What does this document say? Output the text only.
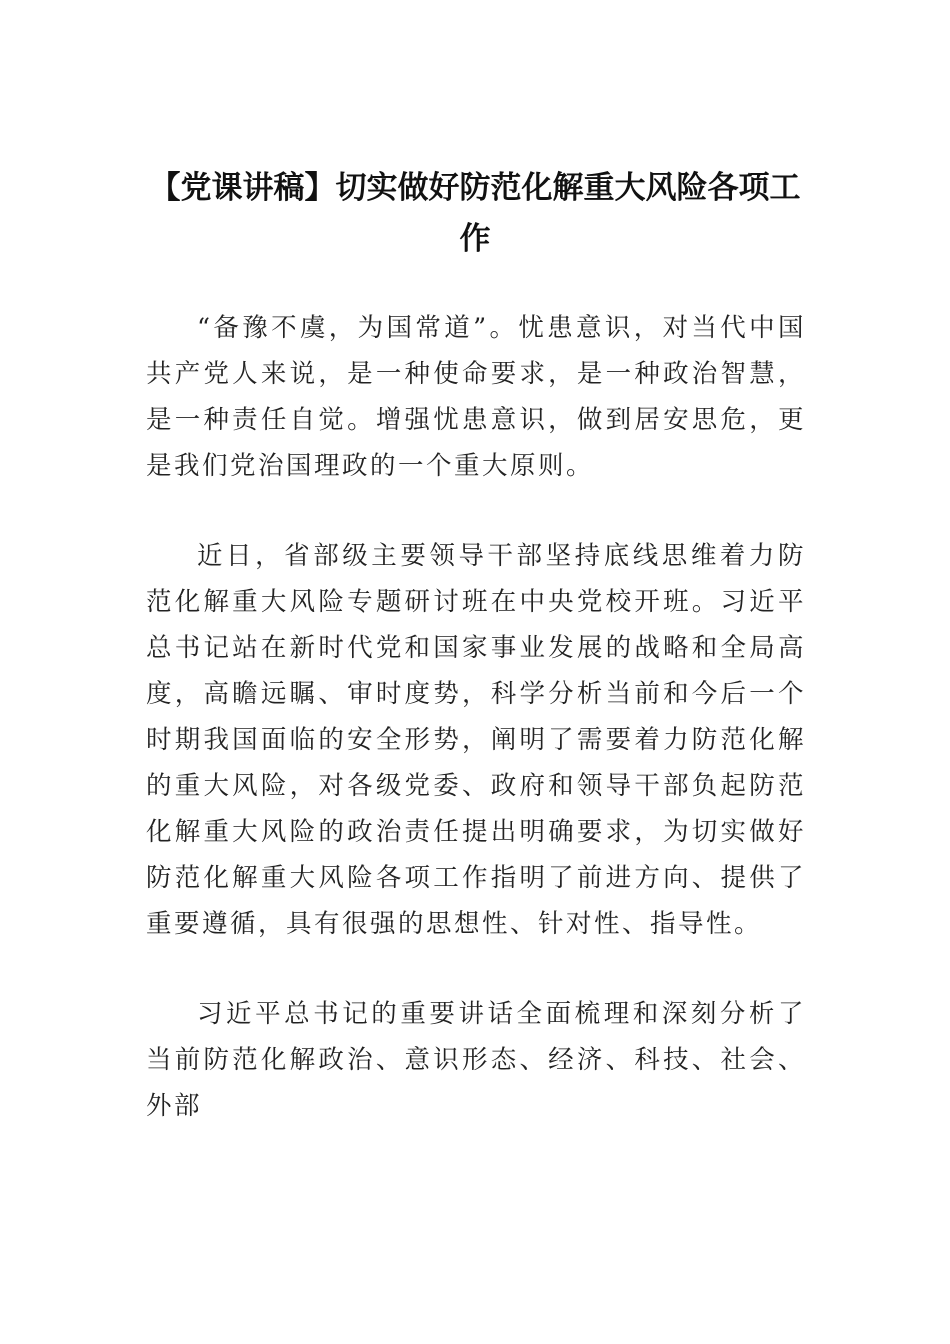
【党课讲稿】切实做好防范化解重大风险各项工作

“备豫不虞，为国常道”。忧患意识，对当代中国共产党人来说，是一种使命要求，是一种政治智慧，是一种责任自觉。增强忧患意识，做到居安思危，更是我们党治国理政的一个重大原则。

近日，省部级主要领导干部坚持底线思维着力防范化解重大风险专题研讨班在中央党校开班。习近平总书记站在新时代党和国家事业发展的战略和全局高度，高瞻远瞩、审时度势，科学分析当前和今后一个时期我国面临的安全形势，阐明了需要着力防范化解的重大风险，对各级党委、政府和领导干部负起防范化解重大风险的政治责任提出明确要求，为切实做好防范化解重大风险各项工作指明了前进方向、提供了重要遵循，具有很强的思想性、针对性、指导性。

习近平总书记的重要讲话全面梳理和深刻分析了当前防范化解政治、意识形态、经济、科技、社会、外部
